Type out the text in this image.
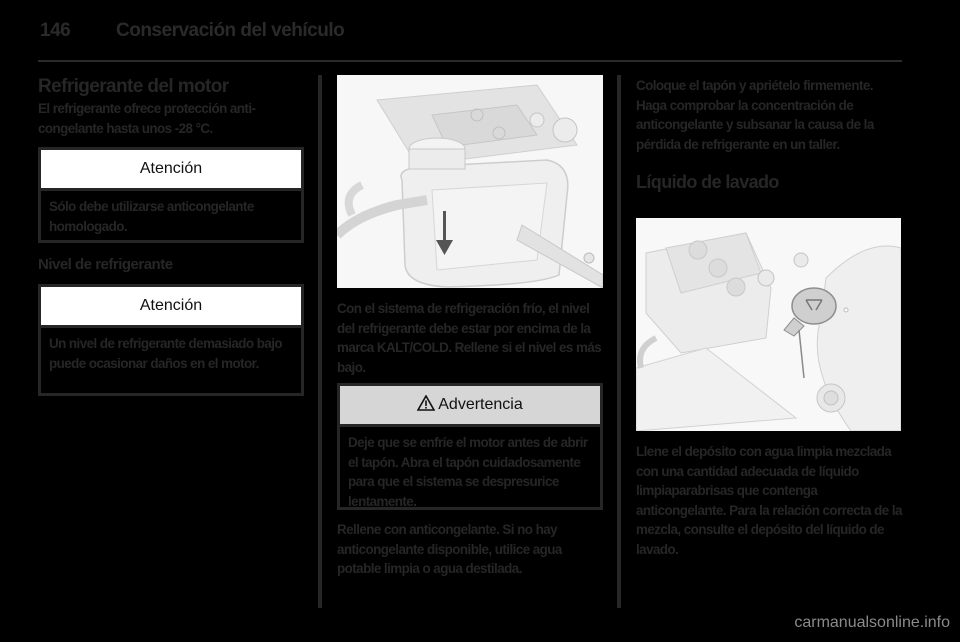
146 Conservación del vehículo
Refrigerante del motor

El refrigerante ofrece protección anti-congelante hasta unos -28 °C.

Atención

Sólo debe utilizarse anticongelante homologado.

Nivel de refrigerante
Atención

Un nivel de refrigerante demasiado bajo puede ocasionar daños en el motor.

Con el sistema de refrigeración frío, el nivel del refrigerante debe estar por encima de la marca KALT/COLD. Rellene si el nivel es más bajo.

Advertencia

Deje que se enfríe el motor antes de abrir el tapón. Abra el tapón cuidadosamente para que el sistema se despresurice lentamente.

Rellene con anticongelante. Si no hay anticongelante disponible, utilice agua potable limpia o agua destilada.

Coloque el tapón y apriételo firmemente. Haga comprobar la concentración de anticongelante y subsanar la causa de la pérdida de refrigerante en un taller.

Líquido de lavado

Llene el depósito con agua limpia mezclada con una cantidad adecuada de líquido limpiaparabrisas que contenga anticongelante. Para la relación correcta de la mezcla, consulte el depósito del líquido de lavado.

carmanualsonline.info
